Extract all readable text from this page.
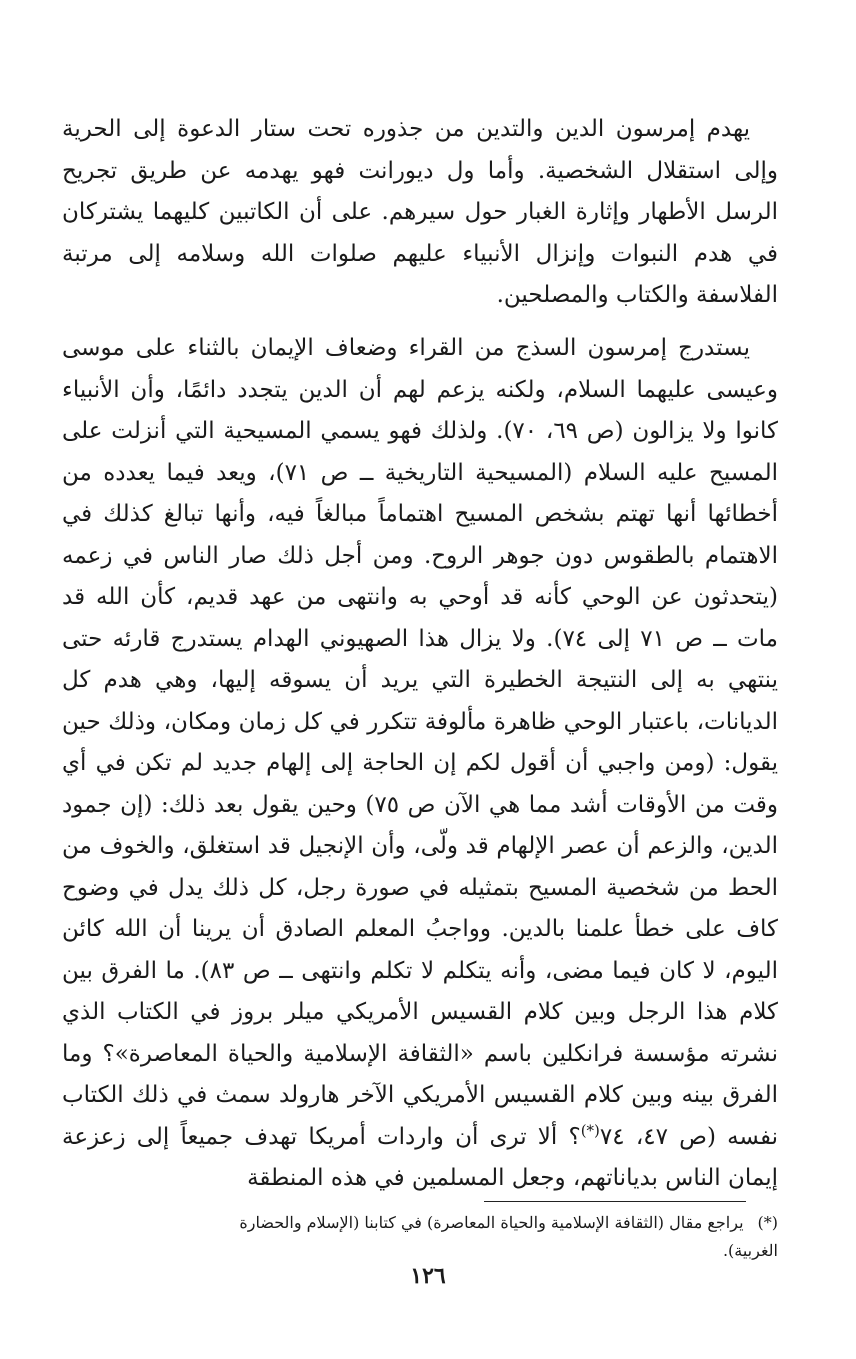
يهدم إمرسون الدين والتدين من جذوره تحت ستار الدعوة إلى الحرية وإلى استقلال الشخصية. وأما ول ديورانت فهو يهدمه عن طريق تجريح الرسل الأطهار وإثارة الغبار حول سيرهم. على أن الكاتبين كليهما يشتركان في هدم النبوات وإنزال الأنبياء عليهم صلوات الله وسلامه إلى مرتبة الفلاسفة والكتاب والمصلحين.

يستدرج إمرسون السذج من القراء وضعاف الإيمان بالثناء على موسى وعيسى عليهما السلام، ولكنه يزعم لهم أن الدين يتجدد دائمًا، وأن الأنبياء كانوا ولا يزالون (ص ٦٩، ٧٠). ولذلك فهو يسمي المسيحية التي أنزلت على المسيح عليه السلام (المسيحية التاريخية ــ ص ٧١)، ويعد فيما يعدده من أخطائها أنها تهتم بشخص المسيح اهتماماً مبالغاً فيه، وأنها تبالغ كذلك في الاهتمام بالطقوس دون جوهر الروح. ومن أجل ذلك صار الناس في زعمه (يتحدثون عن الوحي كأنه قد أوحي به وانتهى من عهد قديم، كأن الله قد مات ــ ص ٧١ إلى ٧٤). ولا يزال هذا الصهيوني الهدام يستدرج قارئه حتى ينتهي به إلى النتيجة الخطيرة التي يريد أن يسوقه إليها، وهي هدم كل الديانات، باعتبار الوحي ظاهرة مألوفة تتكرر في كل زمان ومكان، وذلك حين يقول: (ومن واجبي أن أقول لكم إن الحاجة إلى إلهام جديد لم تكن في أي وقت من الأوقات أشد مما هي الآن ص ٧٥) وحين يقول بعد ذلك: (إن جمود الدين، والزعم أن عصر الإلهام قد ولّى، وأن الإنجيل قد استغلق، والخوف من الحط من شخصية المسيح بتمثيله في صورة رجل، كل ذلك يدل في وضوح كاف على خطأ علمنا بالدين. وواجبُ المعلم الصادق أن يرينا أن الله كائن اليوم، لا كان فيما مضى، وأنه يتكلم لا تكلم وانتهى ــ ص ٨٣). ما الفرق بين كلام هذا الرجل وبين كلام القسيس الأمريكي ميلر بروز في الكتاب الذي نشرته مؤسسة فرانكلين باسم «الثقافة الإسلامية والحياة المعاصرة»؟ وما الفرق بينه وبين كلام القسيس الأمريكي الآخر هارولد سمث في ذلك الكتاب نفسه (ص ٤٧، ٧٤(*)؟ ألا ترى أن واردات أمريكا تهدف جميعاً إلى زعزعة إيمان الناس بدياناتهم، وجعل المسلمين في هذه المنطقة

(*)يراجع مقال (الثقافة الإسلامية والحياة المعاصرة) في كتابنا (الإسلام والحضارة الغربية).

١٢٦
